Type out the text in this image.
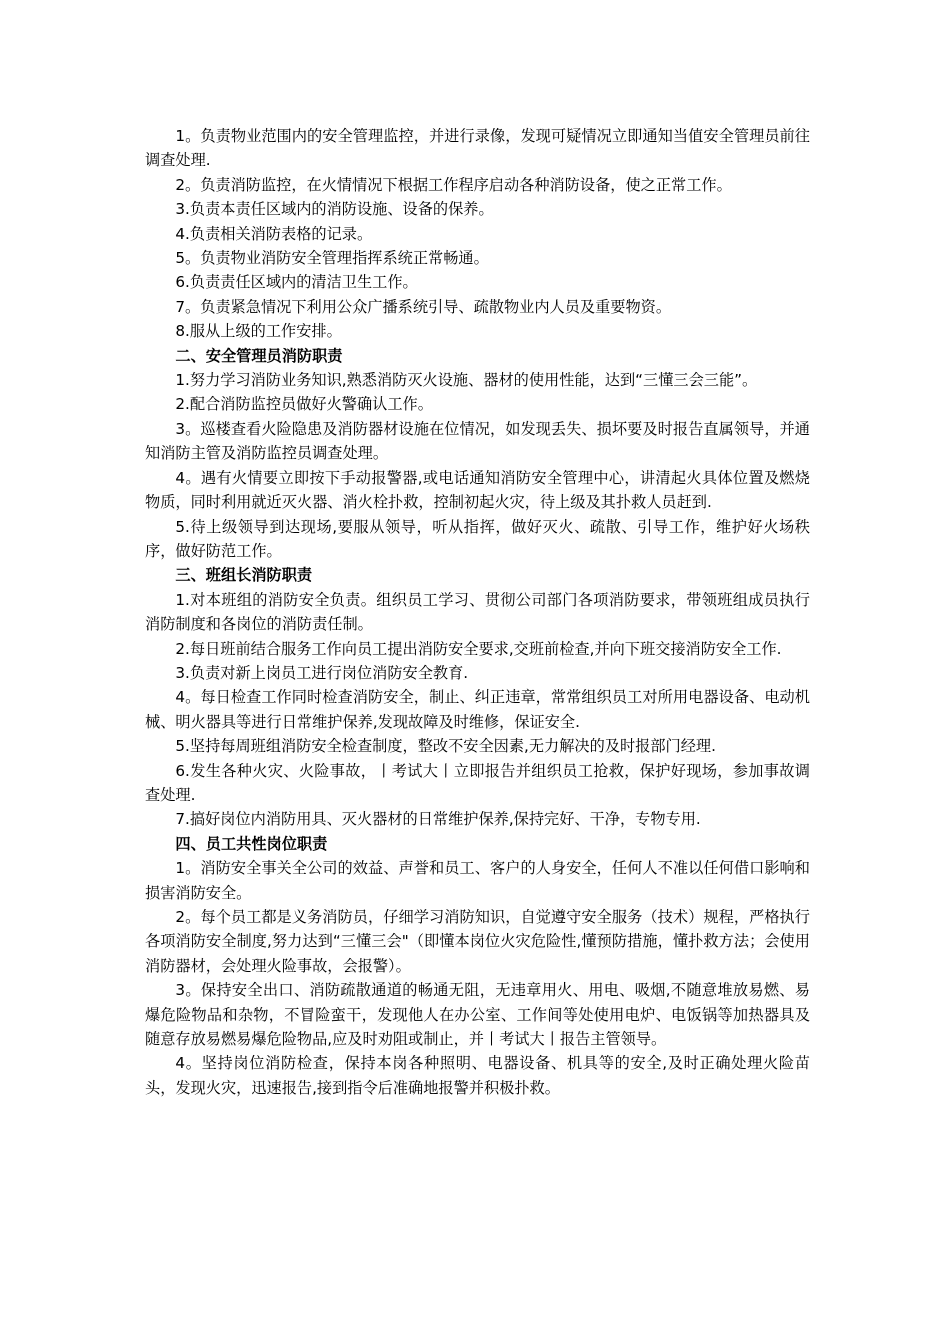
1。负责物业范围内的安全管理监控，并进行录像，发现可疑情况立即通知当值安全管理员前往调查处理.

2。负责消防监控，在火情情况下根据工作程序启动各种消防设备，使之正常工作。

3.负责本责任区域内的消防设施、设备的保养。

4.负责相关消防表格的记录。

5。负责物业消防安全管理指挥系统正常畅通。

6.负责责任区域内的清洁卫生工作。

7。负责紧急情况下利用公众广播系统引导、疏散物业内人员及重要物资。

8.服从上级的工作安排。

二、安全管理员消防职责

1.努力学习消防业务知识,熟悉消防灭火设施、器材的使用性能，达到“三懂三会三能”。

2.配合消防监控员做好火警确认工作。

3。巡楼查看火险隐患及消防器材设施在位情况，如发现丢失、损坏要及时报告直属领导，并通知消防主管及消防监控员调查处理。

4。遇有火情要立即按下手动报警器,或电话通知消防安全管理中心，讲清起火具体位置及燃烧物质，同时利用就近灭火器、消火栓扑救，控制初起火灾，待上级及其扑救人员赶到.

5.待上级领导到达现场,要服从领导，听从指挥，做好灭火、疏散、引导工作，维护好火场秩序，做好防范工作。

三、班组长消防职责

1.对本班组的消防安全负责。组织员工学习、贯彻公司部门各项消防要求，带领班组成员执行消防制度和各岗位的消防责任制。

2.每日班前结合服务工作向员工提出消防安全要求,交班前检查,并向下班交接消防安全工作.

3.负责对新上岗员工进行岗位消防安全教育.

4。每日检查工作同时检查消防安全，制止、纠正违章，常常组织员工对所用电器设备、电动机械、明火器具等进行日常维护保养,发现故障及时维修，保证安全.

5.坚持每周班组消防安全检查制度，整改不安全因素,无力解决的及时报部门经理.

6.发生各种火灾、火险事故，丨考试大丨立即报告并组织员工抢救，保护好现场，参加事故调查处理.

7.搞好岗位内消防用具、灭火器材的日常维护保养,保持完好、干净，专物专用.

四、员工共性岗位职责

1。消防安全事关全公司的效益、声誉和员工、客户的人身安全，任何人不准以任何借口影响和损害消防安全。

2。每个员工都是义务消防员，仔细学习消防知识，自觉遵守安全服务（技术）规程，严格执行各项消防安全制度,努力达到“三懂三会"（即懂本岗位火灾危险性,懂预防措施，懂扑救方法；会使用消防器材，会处理火险事故，会报警）。

3。保持安全出口、消防疏散通道的畅通无阻，无违章用火、用电、吸烟,不随意堆放易燃、易爆危险物品和杂物，不冒险蛮干，发现他人在办公室、工作间等处使用电炉、电饭锅等加热器具及随意存放易燃易爆危险物品,应及时劝阻或制止，并丨考试大丨报告主管领导。

4。坚持岗位消防检查，保持本岗各种照明、电器设备、机具等的安全,及时正确处理火险苗头，发现火灾，迅速报告,接到指令后准确地报警并积极扑救。
